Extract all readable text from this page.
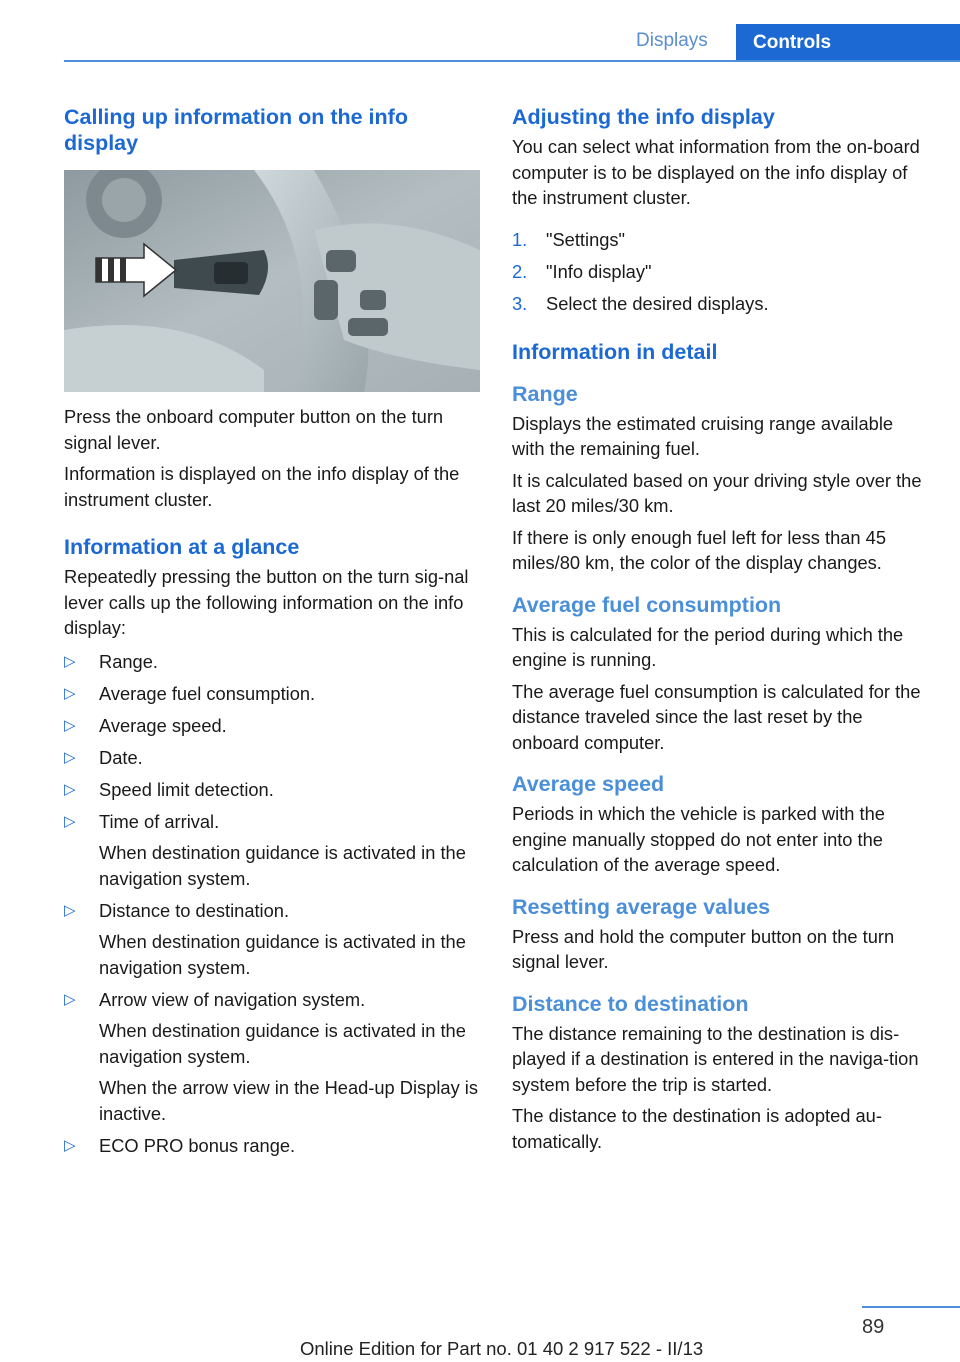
Displays	Controls
Calling up information on the info display

Press the onboard computer button on the turn signal lever.

Information is displayed on the info display of the instrument cluster.

Information at a glance

Repeatedly pressing the button on the turn sig-nal lever calls up the following information on the info display:

▷ Range.
▷ Average fuel consumption.
▷ Average speed.
▷ Date.
▷ Speed limit detection.
▷ Time of arrival.
When destination guidance is activated in the navigation system.
▷ Distance to destination.
When destination guidance is activated in the navigation system.
▷ Arrow view of navigation system.
When destination guidance is activated in the navigation system.
When the arrow view in the Head-up Display is inactive.
▷ ECO PRO bonus range.
Adjusting the info display

You can select what information from the on-board computer is to be displayed on the info display of the instrument cluster.

1. "Settings"
2. "Info display"
3. Select the desired displays.
Information in detail
Range

Displays the estimated cruising range available with the remaining fuel.

It is calculated based on your driving style over the last 20 miles/30 km.

If there is only enough fuel left for less than 45 miles/80 km, the color of the display changes.

Average fuel consumption

This is calculated for the period during which the engine is running.

The average fuel consumption is calculated for the distance traveled since the last reset by the onboard computer.

Average speed

Periods in which the vehicle is parked with the engine manually stopped do not enter into the calculation of the average speed.

Resetting average values

Press and hold the computer button on the turn signal lever.

Distance to destination

The distance remaining to the destination is dis-played if a destination is entered in the naviga-tion system before the trip is started.

The distance to the destination is adopted au-tomatically.

89
Online Edition for Part no. 01 40 2 917 522 - II/13
